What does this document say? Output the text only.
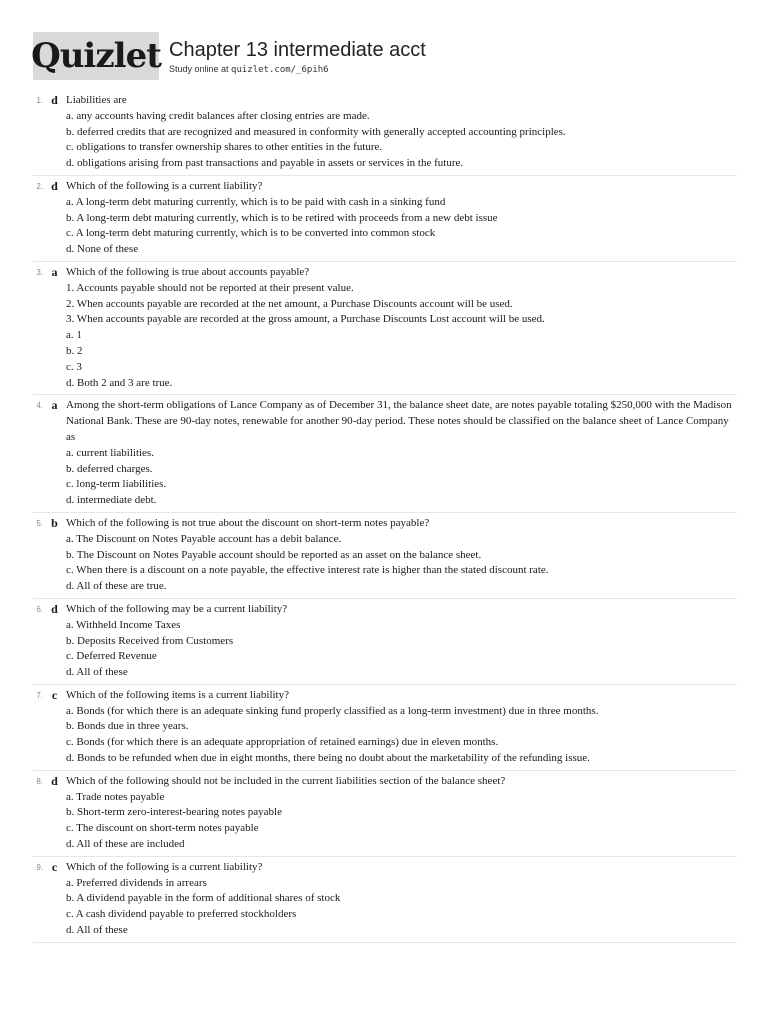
Quizlet Chapter 13 intermediate acct
Study online at quizlet.com/_6pih6
1. d Liabilities are
a. any accounts having credit balances after closing entries are made.
b. deferred credits that are recognized and measured in conformity with generally accepted accounting principles.
c. obligations to transfer ownership shares to other entities in the future.
d. obligations arising from past transactions and payable in assets or services in the future.
2. d Which of the following is a current liability?
a. A long-term debt maturing currently, which is to be paid with cash in a sinking fund
b. A long-term debt maturing currently, which is to be retired with proceeds from a new debt issue
c. A long-term debt maturing currently, which is to be converted into common stock
d. None of these
3. a Which of the following is true about accounts payable?
1. Accounts payable should not be reported at their present value.
2. When accounts payable are recorded at the net amount, a Purchase Discounts account will be used.
3. When accounts payable are recorded at the gross amount, a Purchase Discounts Lost account will be used.
a. 1
b. 2
c. 3
d. Both 2 and 3 are true.
4. a Among the short-term obligations of Lance Company as of December 31, the balance sheet date, are notes payable totaling $250,000 with the Madison National Bank. These are 90-day notes, renewable for another 90-day period. These notes should be classified on the balance sheet of Lance Company as
a. current liabilities.
b. deferred charges.
c. long-term liabilities.
d. intermediate debt.
5. b Which of the following is not true about the discount on short-term notes payable?
a. The Discount on Notes Payable account has a debit balance.
b. The Discount on Notes Payable account should be reported as an asset on the balance sheet.
c. When there is a discount on a note payable, the effective interest rate is higher than the stated discount rate.
d. All of these are true.
6. d Which of the following may be a current liability?
a. Withheld Income Taxes
b. Deposits Received from Customers
c. Deferred Revenue
d. All of these
7. c Which of the following items is a current liability?
a. Bonds (for which there is an adequate sinking fund properly classified as a long-term investment) due in three months.
b. Bonds due in three years.
c. Bonds (for which there is an adequate appropriation of retained earnings) due in eleven months.
d. Bonds to be refunded when due in eight months, there being no doubt about the marketability of the refunding issue.
8. d Which of the following should not be included in the current liabilities section of the balance sheet?
a. Trade notes payable
b. Short-term zero-interest-bearing notes payable
c. The discount on short-term notes payable
d. All of these are included
9. c Which of the following is a current liability?
a. Preferred dividends in arrears
b. A dividend payable in the form of additional shares of stock
c. A cash dividend payable to preferred stockholders
d. All of these
